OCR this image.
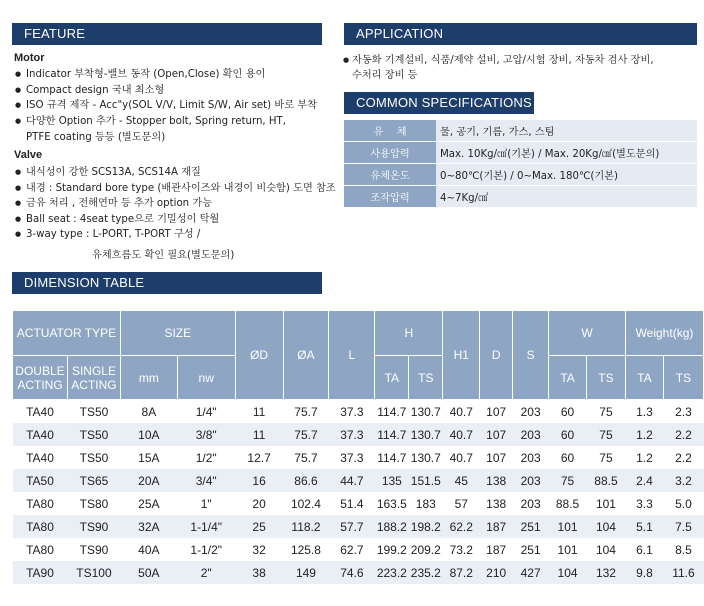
FEATURE
Motor
● Indicator 부착형-밸브 동작 (Open,Close) 확인 용이
● Compact design 국내 최소형
● ISO 규격 제작 - Acc"y(SOL V/V, Limit S/W, Air set) 바로 부착
● 다양한 Option 추가 - Stopper bolt, Spring return, HT,
PTFE coating 등등 (별도문의)
Valve
● 내식성이 강한 SCS13A, SCS14A 재질
● 내경 : Standard bore type (배관사이즈와 내경이 비슷함) 도면 참조
● 금유 처리 , 전해연마 등 추가 option 가능
● Ball seat : 4seat type으로 기밀성이 탁월
● 3-way type : L-PORT, T-PORT 구성 /
유체흐름도 확인 필요(별도문의)
APPLICATION
● 자동화 기계설비, 식품/제약 설비, 고압/시험 장비, 자동차 검사 장비,
수처리 장비 등
COMMON SPECIFICATIONS
유　 체	물, 공기, 기름, 가스, 스팀
사용압력	Max. 10Kg/㎠(기본) / Max. 20Kg/㎠(별도문의)
유체온도	0~80℃(기본) / 0~Max. 180℃(기본)
조작압력	4~7Kg/㎠
DIMENSION TABLE
ACTUATOR TYPE		SIZE		ØD	ØA	L	H		H1	D	S	W		Weight(kg)	
DOUBLE ACTING	SINGLE ACTING	mm	nw				TA	TS				TA	TS	TA	TS
TA40	TS50	8A	1/4"	11	75.7	37.3	114.7	130.7	40.7	107	203	60	75	1.3	2.3
TA40	TS50	10A	3/8"	11	75.7	37.3	114.7	130.7	40.7	107	203	60	75	1.2	2.2
TA40	TS50	15A	1/2"	12.7	75.7	37.3	114.7	130.7	40.7	107	203	60	75	1.2	2.2
TA50	TS65	20A	3/4"	16	86.6	44.7	135	151.5	45	138	203	75	88.5	2.4	3.2
TA80	TS80	25A	1"	20	102.4	51.4	163.5	183	57	138	203	88.5	101	3.3	5.0
TA80	TS90	32A	1-1/4"	25	118.2	57.7	188.2	198.2	62.2	187	251	101	104	5.1	7.5
TA80	TS90	40A	1-1/2"	32	125.8	62.7	199.2	209.2	73.2	187	251	101	104	6.1	8.5
TA90	TS100	50A	2"	38	149	74.6	223.2	235.2	87.2	210	427	104	132	9.8	11.6
